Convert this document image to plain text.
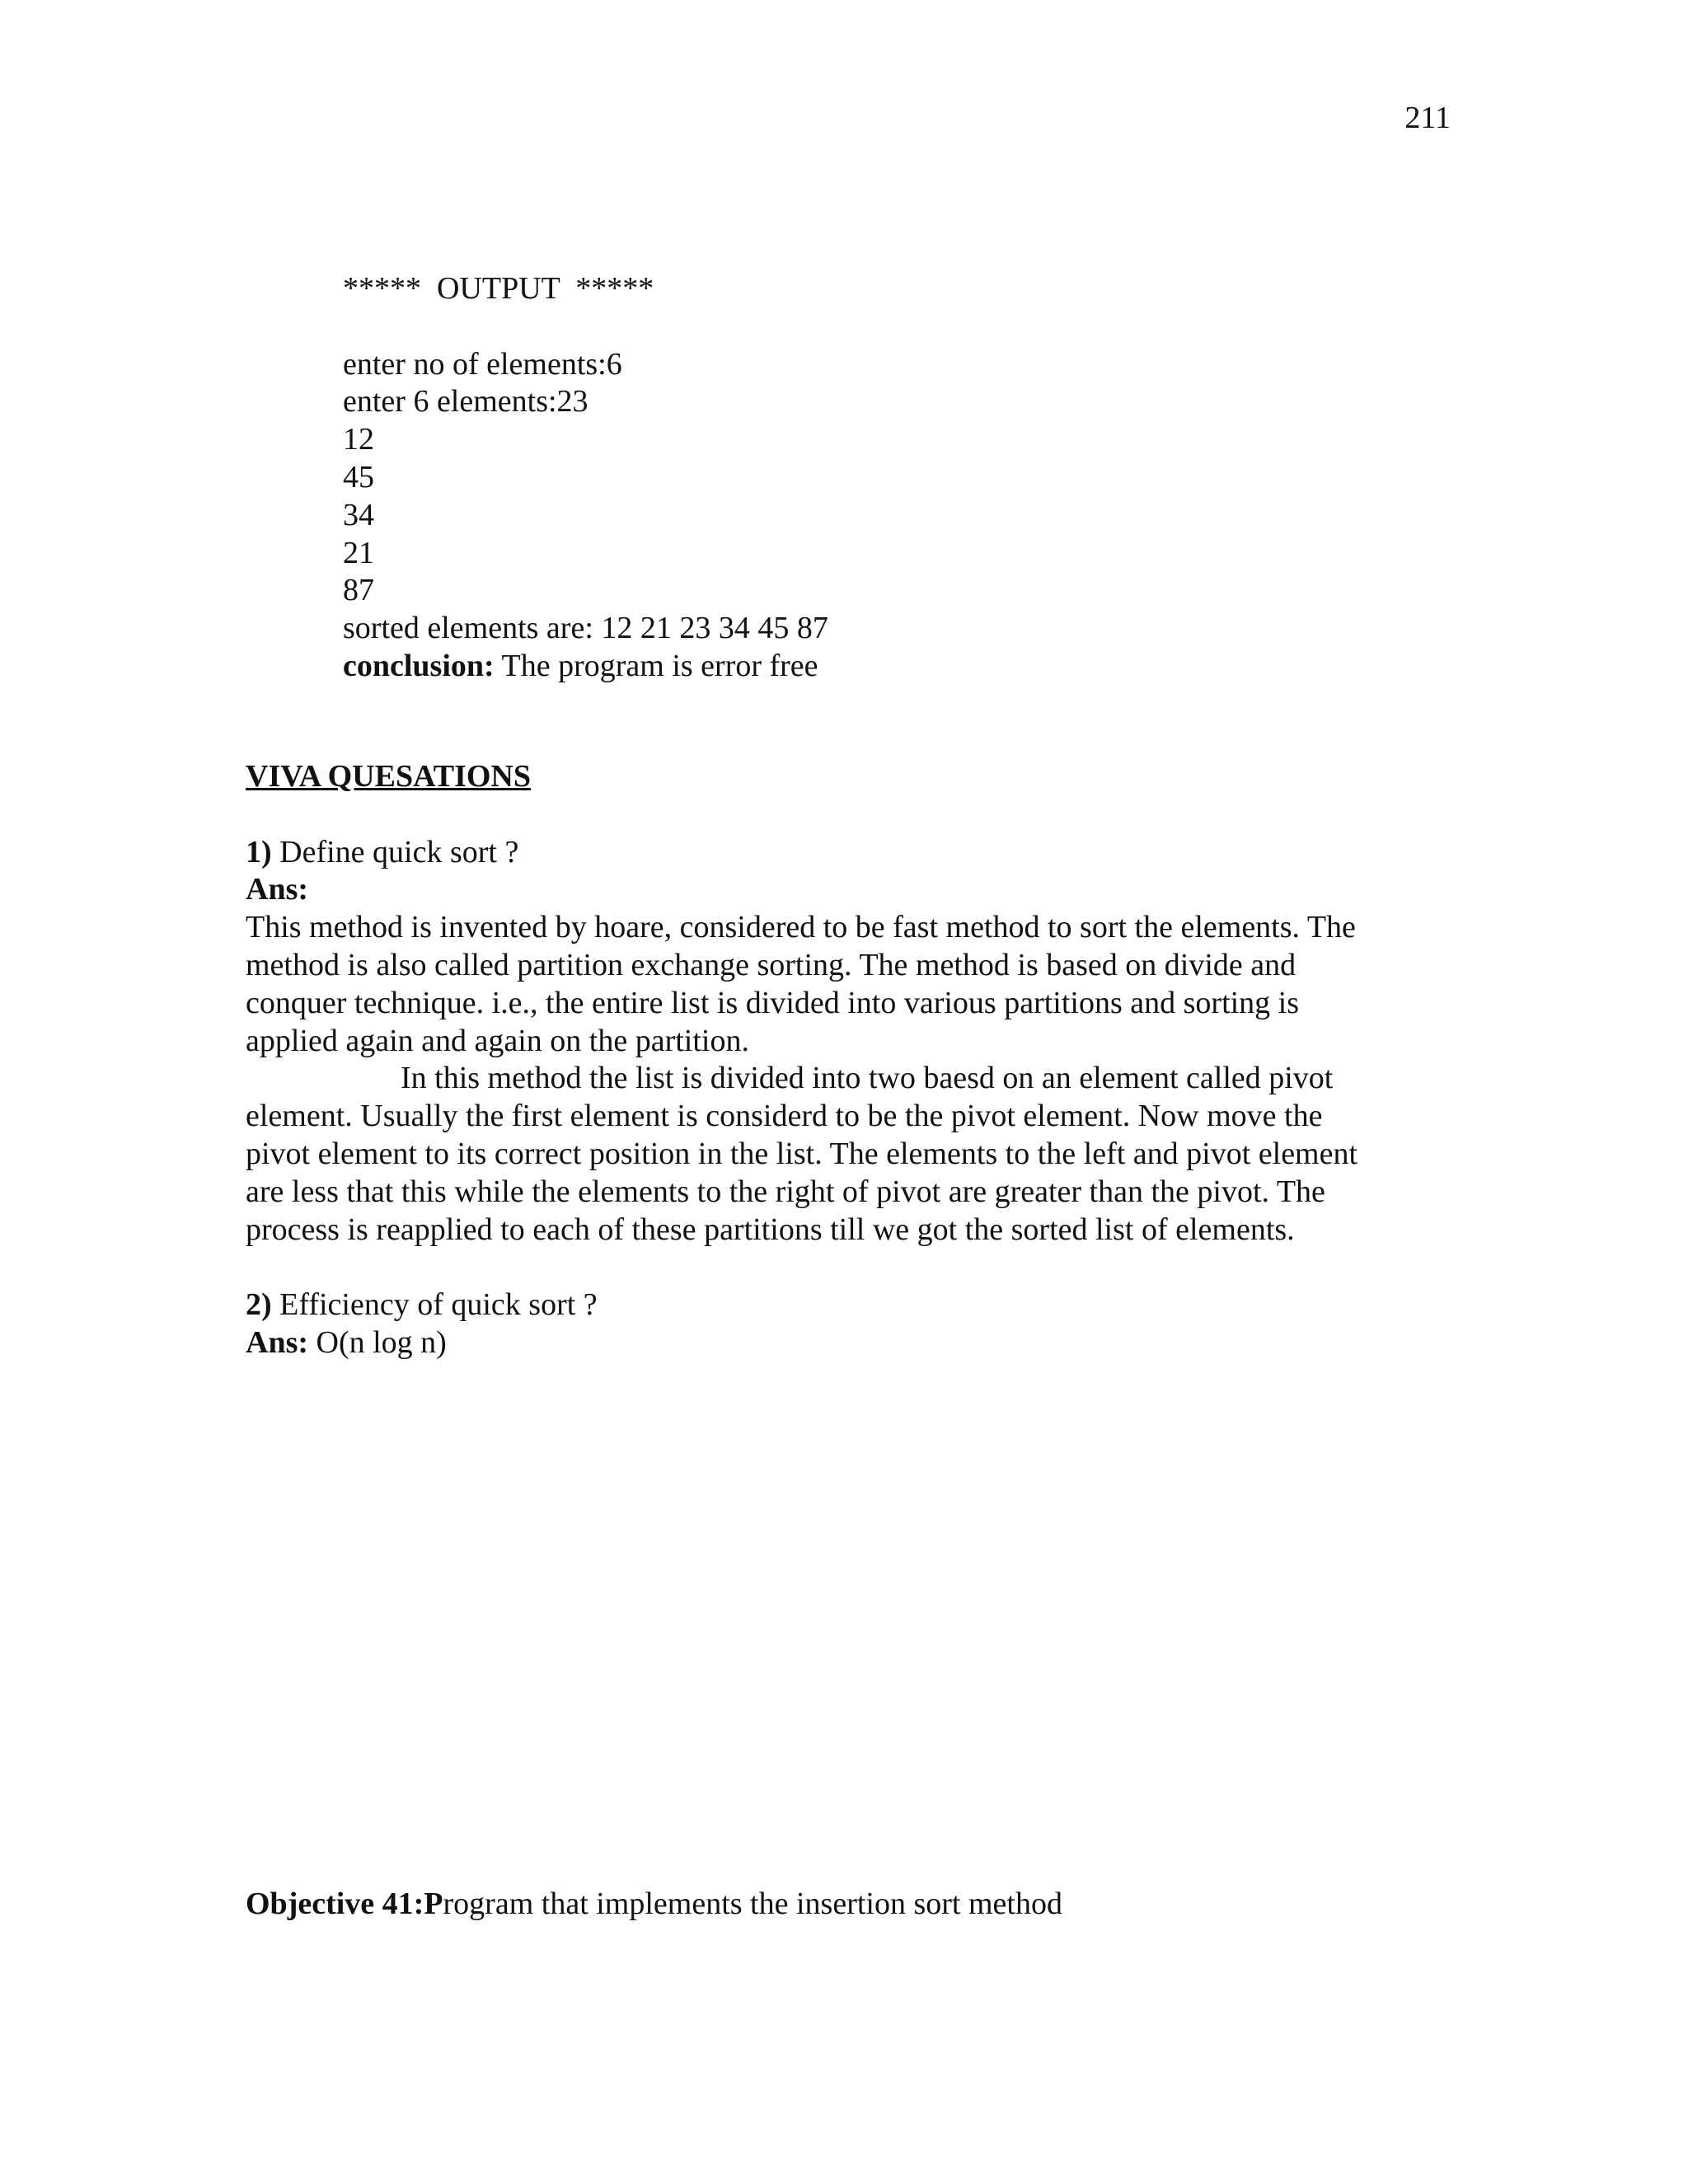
211
*****  OUTPUT  *****
enter no of elements:6
enter 6 elements:23
12
45
34
21
87
sorted elements are: 12 21 23 34 45 87
conclusion: The program is error free
VIVA QUESATIONS
1) Define quick sort ?
Ans:
This method is invented by hoare, considered to be fast method to sort the elements. The
method is also called partition exchange sorting. The method is based on divide and
conquer technique. i.e., the entire list is divided into various partitions and sorting is
applied again and again on the partition.
In this method the list is divided into two baesd on an element called pivot
element. Usually the first element is considerd to be the pivot element. Now move the
pivot element to its correct position in the list. The elements to the left and pivot element
are less that this while the elements to the right of pivot are greater than the pivot. The
process is reapplied to each of these partitions till we got the sorted list of elements.
2) Efficiency of quick sort ?
Ans: O(n log n)
Objective 41:Program that implements the insertion sort method
